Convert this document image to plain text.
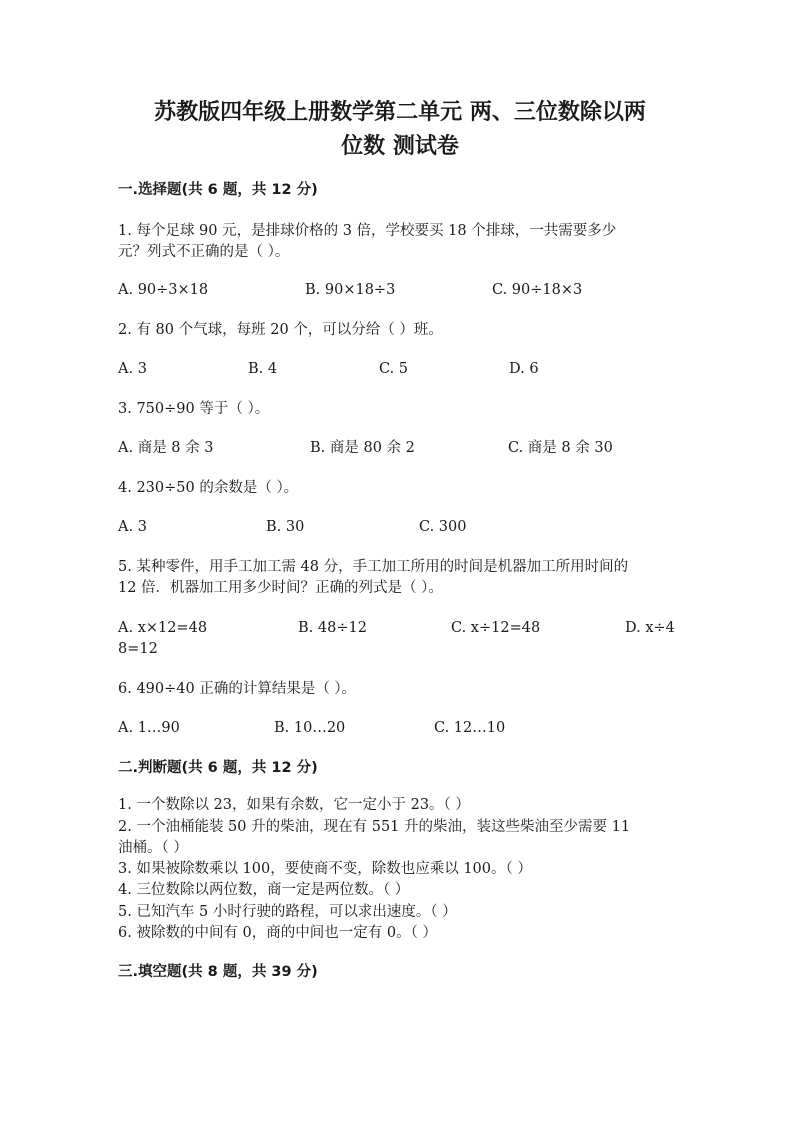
苏教版四年级上册数学第二单元 两、三位数除以两
位数 测试卷
一.选择题(共 6 题，共 12 分)
1. 每个足球 90 元，是排球价格的 3 倍，学校要买 18 个排球，一共需要多少
元？列式不正确的是（ ）。
A. 90÷3×18	B. 90×18÷3	C. 90÷18×3
2. 有 80 个气球，每班 20 个，可以分给（ ）班。
A. 3	B. 4	C. 5	D. 6
3. 750÷90 等于（ ）。
A. 商是 8 余 3	B. 商是 80 余 2	C. 商是 8 余 30
4. 230÷50 的余数是（ ）。
A. 3	B. 30	C. 300
5. 某种零件，用手工加工需 48 分，手工加工所用的时间是机器加工所用时间的
12 倍．机器加工用多少时间？正确的列式是（ ）。
A. x×12=48	B. 48÷12	C. x÷12=48	D. x÷4
8=12
6. 490÷40 正确的计算结果是（ ）。
A. 1…90	B. 10…20	C. 12…10
二.判断题(共 6 题，共 12 分)
1. 一个数除以 23，如果有余数，它一定小于 23。（ ）
2. 一个油桶能装 50 升的柴油，现在有 551 升的柴油，装这些柴油至少需要 11
油桶。（ ）
3. 如果被除数乘以 100，要使商不变，除数也应乘以 100。（ ）
4. 三位数除以两位数，商一定是两位数。（ ）
5. 已知汽车 5 小时行驶的路程，可以求出速度。（ ）
6. 被除数的中间有 0，商的中间也一定有 0。（ ）
三.填空题(共 8 题，共 39 分)
